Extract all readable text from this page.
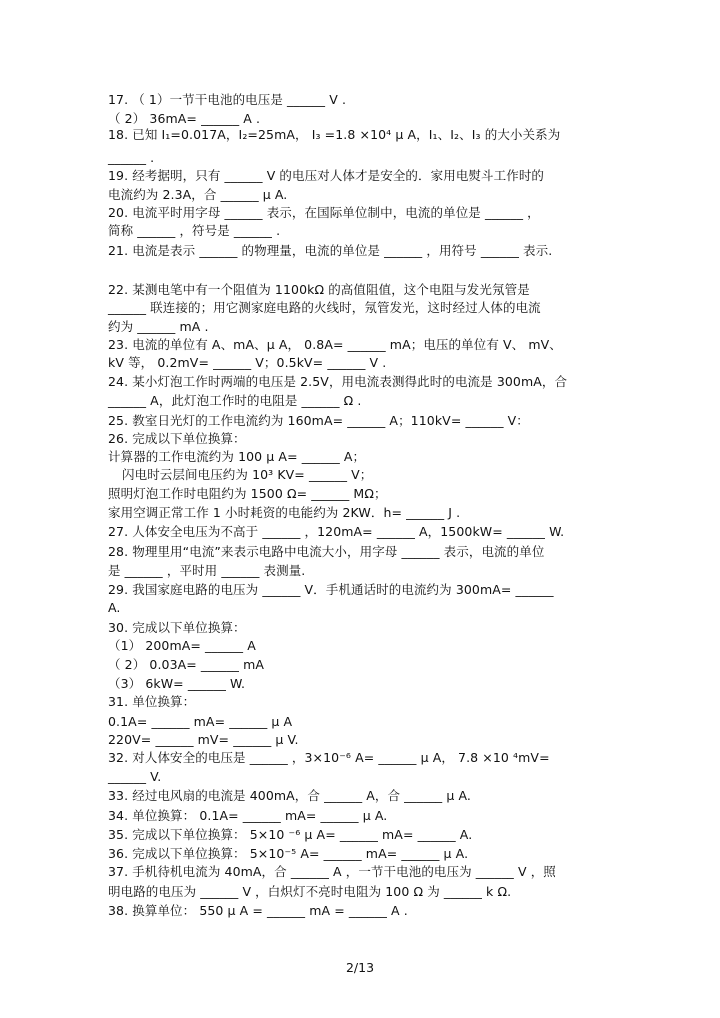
17. （ 1）一节干电池的电压是 ______ V .
（ 2） 36mA= ______ A .
18. 已知 I₁=0.017A，I₂=25mA， I₃ =1.8 ×10⁴ μ A，I₁、I₂、I₃ 的大小关系为
______ .
19. 经考据明，只有 ______ V 的电压对人体才是安全的．家用电熨斗工作时的
电流约为 2.3A，合 ______ μ A.
20. 电流平时用字母 ______ 表示，在国际单位制中，电流的单位是 ______ ，
简称 ______ ，符号是 ______ .
21. 电流是表示 ______ 的物理量，电流的单位是 ______ ，用符号 ______ 表示.
22. 某测电笔中有一个阻值为 1100kΩ 的高值阻值，这个电阻与发光氖管是
______ 联连接的；用它测家庭电路的火线时，氖管发光，这时经过人体的电流
约为 ______ mA .
23. 电流的单位有 A、mA、μ A， 0.8A= ______ mA；电压的单位有 V、 mV、
kV 等， 0.2mV= ______ V；0.5kV= ______ V .
24. 某小灯泡工作时两端的电压是 2.5V，用电流表测得此时的电流是 300mA，合
______ A，此灯泡工作时的电阻是 ______ Ω .
25. 教室日光灯的工作电流约为 160mA= ______ A；110kV= ______ V：
26. 完成以下单位换算：
计算器的工作电流约为 100 μ A= ______ A；
闪电时云层间电压约为 10³ KV= ______ V；
照明灯泡工作时电阻约为 1500 Ω= ______ MΩ；
家用空调正常工作 1 小时耗资的电能约为 2KW．h= ______ J .
27. 人体安全电压为不高于 ______ ，120mA= ______ A，1500kW= ______ W.
28. 物理里用“电流”来表示电路中电流大小，用字母 ______ 表示，电流的单位
是 ______ ，平时用 ______ 表测量.
29. 我国家庭电路的电压为 ______ V．手机通话时的电流约为 300mA= ______
A.
30. 完成以下单位换算：
（1） 200mA= ______ A
（ 2） 0.03A= ______ mA
（3） 6kW= ______ W.
31. 单位换算：
0.1A= ______ mA= ______ μ A
220V= ______ mV= ______ μ V.
32. 对人体安全的电压是 ______ ，3×10⁻⁶ A= ______ μ A， 7.8 ×10 ⁴mV=
______ V.
33. 经过电风扇的电流是 400mA，合 ______ A，合 ______ μ A.
34. 单位换算： 0.1A= ______ mA= ______ μ A.
35. 完成以下单位换算： 5×10 ⁻⁶ μ A= ______ mA= ______ A.
36. 完成以下单位换算： 5×10⁻⁵ A= ______ mA= ______ μ A.
37. 手机待机电流为 40mA，合 ______ A ，一节干电池的电压为 ______ V ，照
明电路的电压为 ______ V ，白炽灯不亮时电阻为 100 Ω 为 ______ k Ω.
38. 换算单位： 550 μ A = ______ mA = ______ A .
2/13
